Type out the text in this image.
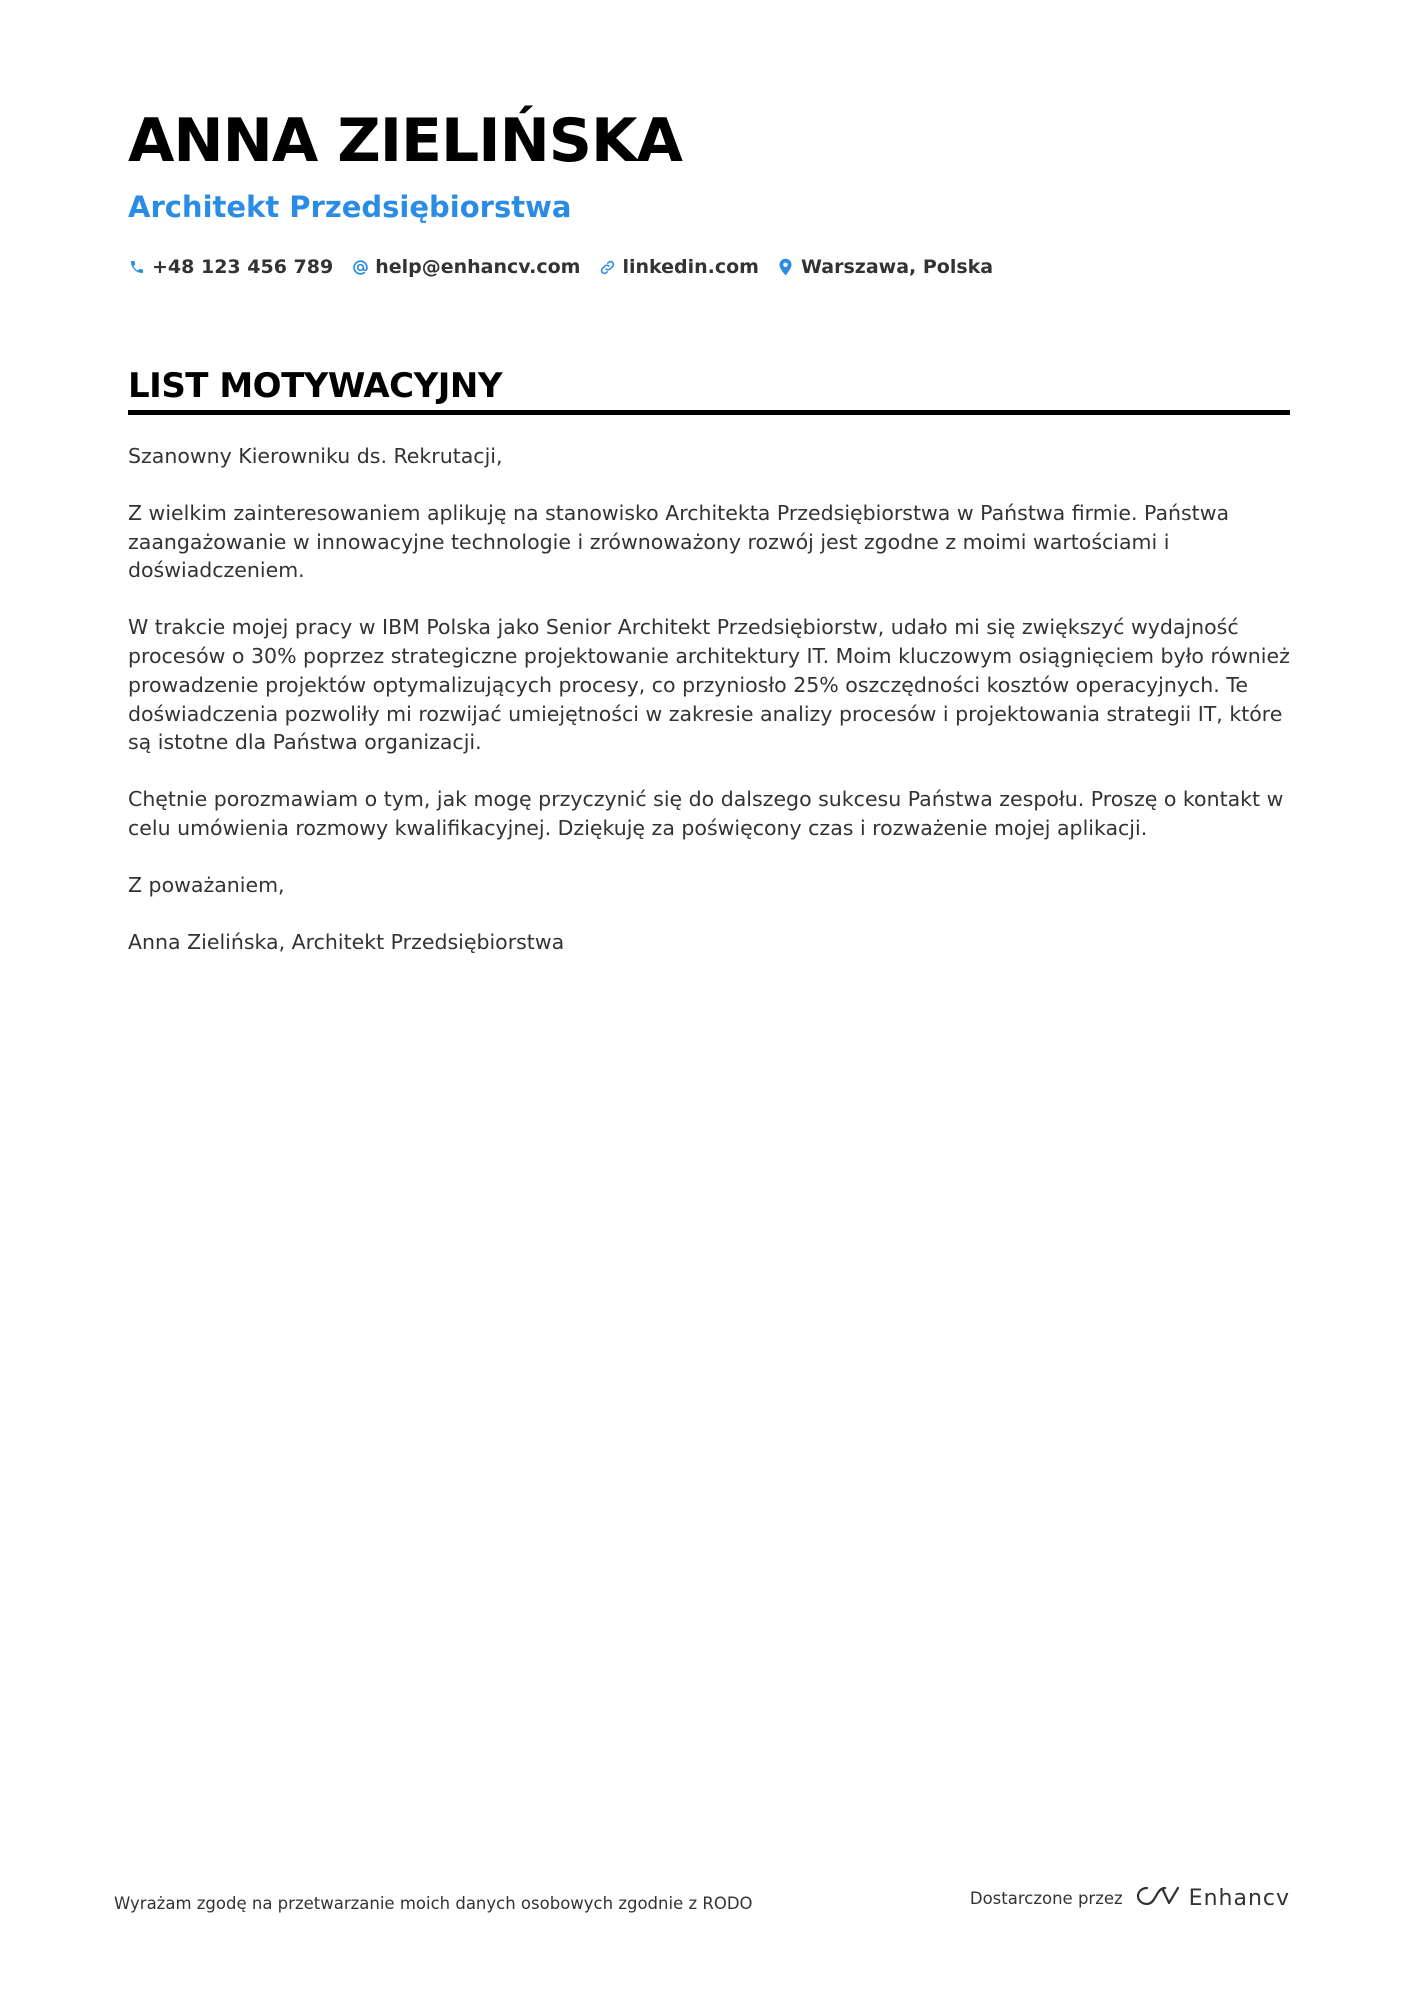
ANNA ZIELIŃSKA
Architekt Przedsiębiorstwa
+48 123 456 789 help@enhancv.com linkedin.com Warszawa, Polska
LIST MOTYWACYJNY

Szanowny Kierowniku ds. Rekrutacji,

Z wielkim zainteresowaniem aplikuję na stanowisko Architekta Przedsiębiorstwa w Państwa firmie. Państwa zaangażowanie w innowacyjne technologie i zrównoważony rozwój jest zgodne z moimi wartościami i doświadczeniem.

W trakcie mojej pracy w IBM Polska jako Senior Architekt Przedsiębiorstw, udało mi się zwiększyć wydajność procesów o 30% poprzez strategiczne projektowanie architektury IT. Moim kluczowym osiągnięciem było również prowadzenie projektów optymalizujących procesy, co przyniosło 25% oszczędności kosztów operacyjnych. Te doświadczenia pozwoliły mi rozwijać umiejętności w zakresie analizy procesów i projektowania strategii IT, które są istotne dla Państwa organizacji.

Chętnie porozmawiam o tym, jak mogę przyczynić się do dalszego sukcesu Państwa zespołu. Proszę o kontakt w celu umówienia rozmowy kwalifikacyjnej. Dziękuję za poświęcony czas i rozważenie mojej aplikacji.

Z poważaniem,

Anna Zielińska, Architekt Przedsiębiorstwa

Wyrażam zgodę na przetwarzanie moich danych osobowych zgodnie z RODO	Dostarczone przez	Enhancv
